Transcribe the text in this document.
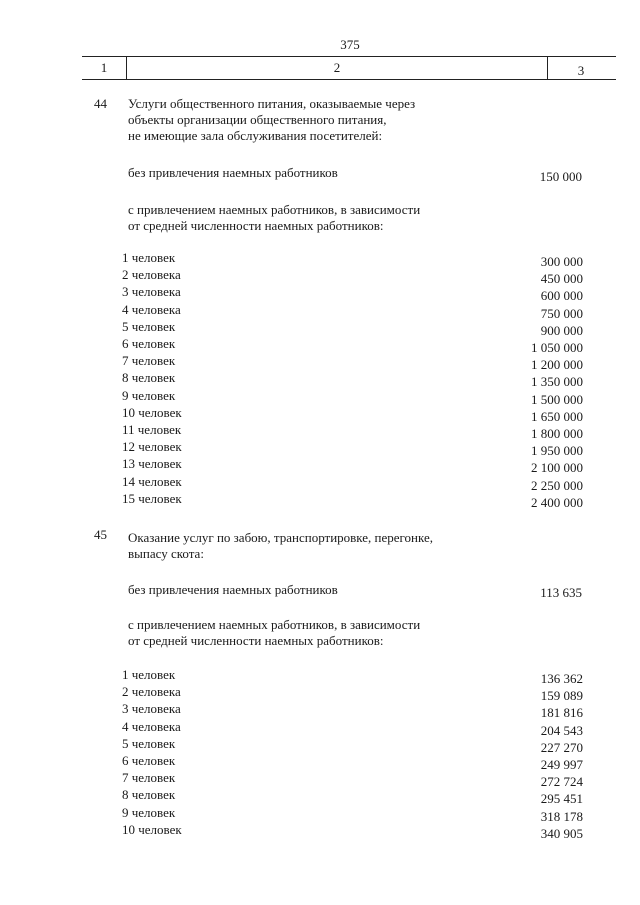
375
1	2	3
44 Услуги общественного питания, оказываемые через
объекты организации общественного питания,
не имеющие зала обслуживания посетителей:
без привлечения наемных работников	150 000
с привлечением наемных работников, в зависимости
от средней численности наемных работников:
1 человек	300 000
2 человека	450 000
3 человека	600 000
4 человека	750 000
5 человек	900 000
6 человек	1 050 000
7 человек	1 200 000
8 человек	1 350 000
9 человек	1 500 000
10 человек	1 650 000
11 человек	1 800 000
12 человек	1 950 000
13 человек	2 100 000
14 человек	2 250 000
15 человек	2 400 000
45 Оказание услуг по забою, транспортировке, перегонке,
выпасу скота:
без привлечения наемных работников	113 635
с привлечением наемных работников, в зависимости
от средней численности наемных работников:
1 человек	136 362
2 человека	159 089
3 человека	181 816
4 человека	204 543
5 человек	227 270
6 человек	249 997
7 человек	272 724
8 человек	295 451
9 человек	318 178
10 человек	340 905
